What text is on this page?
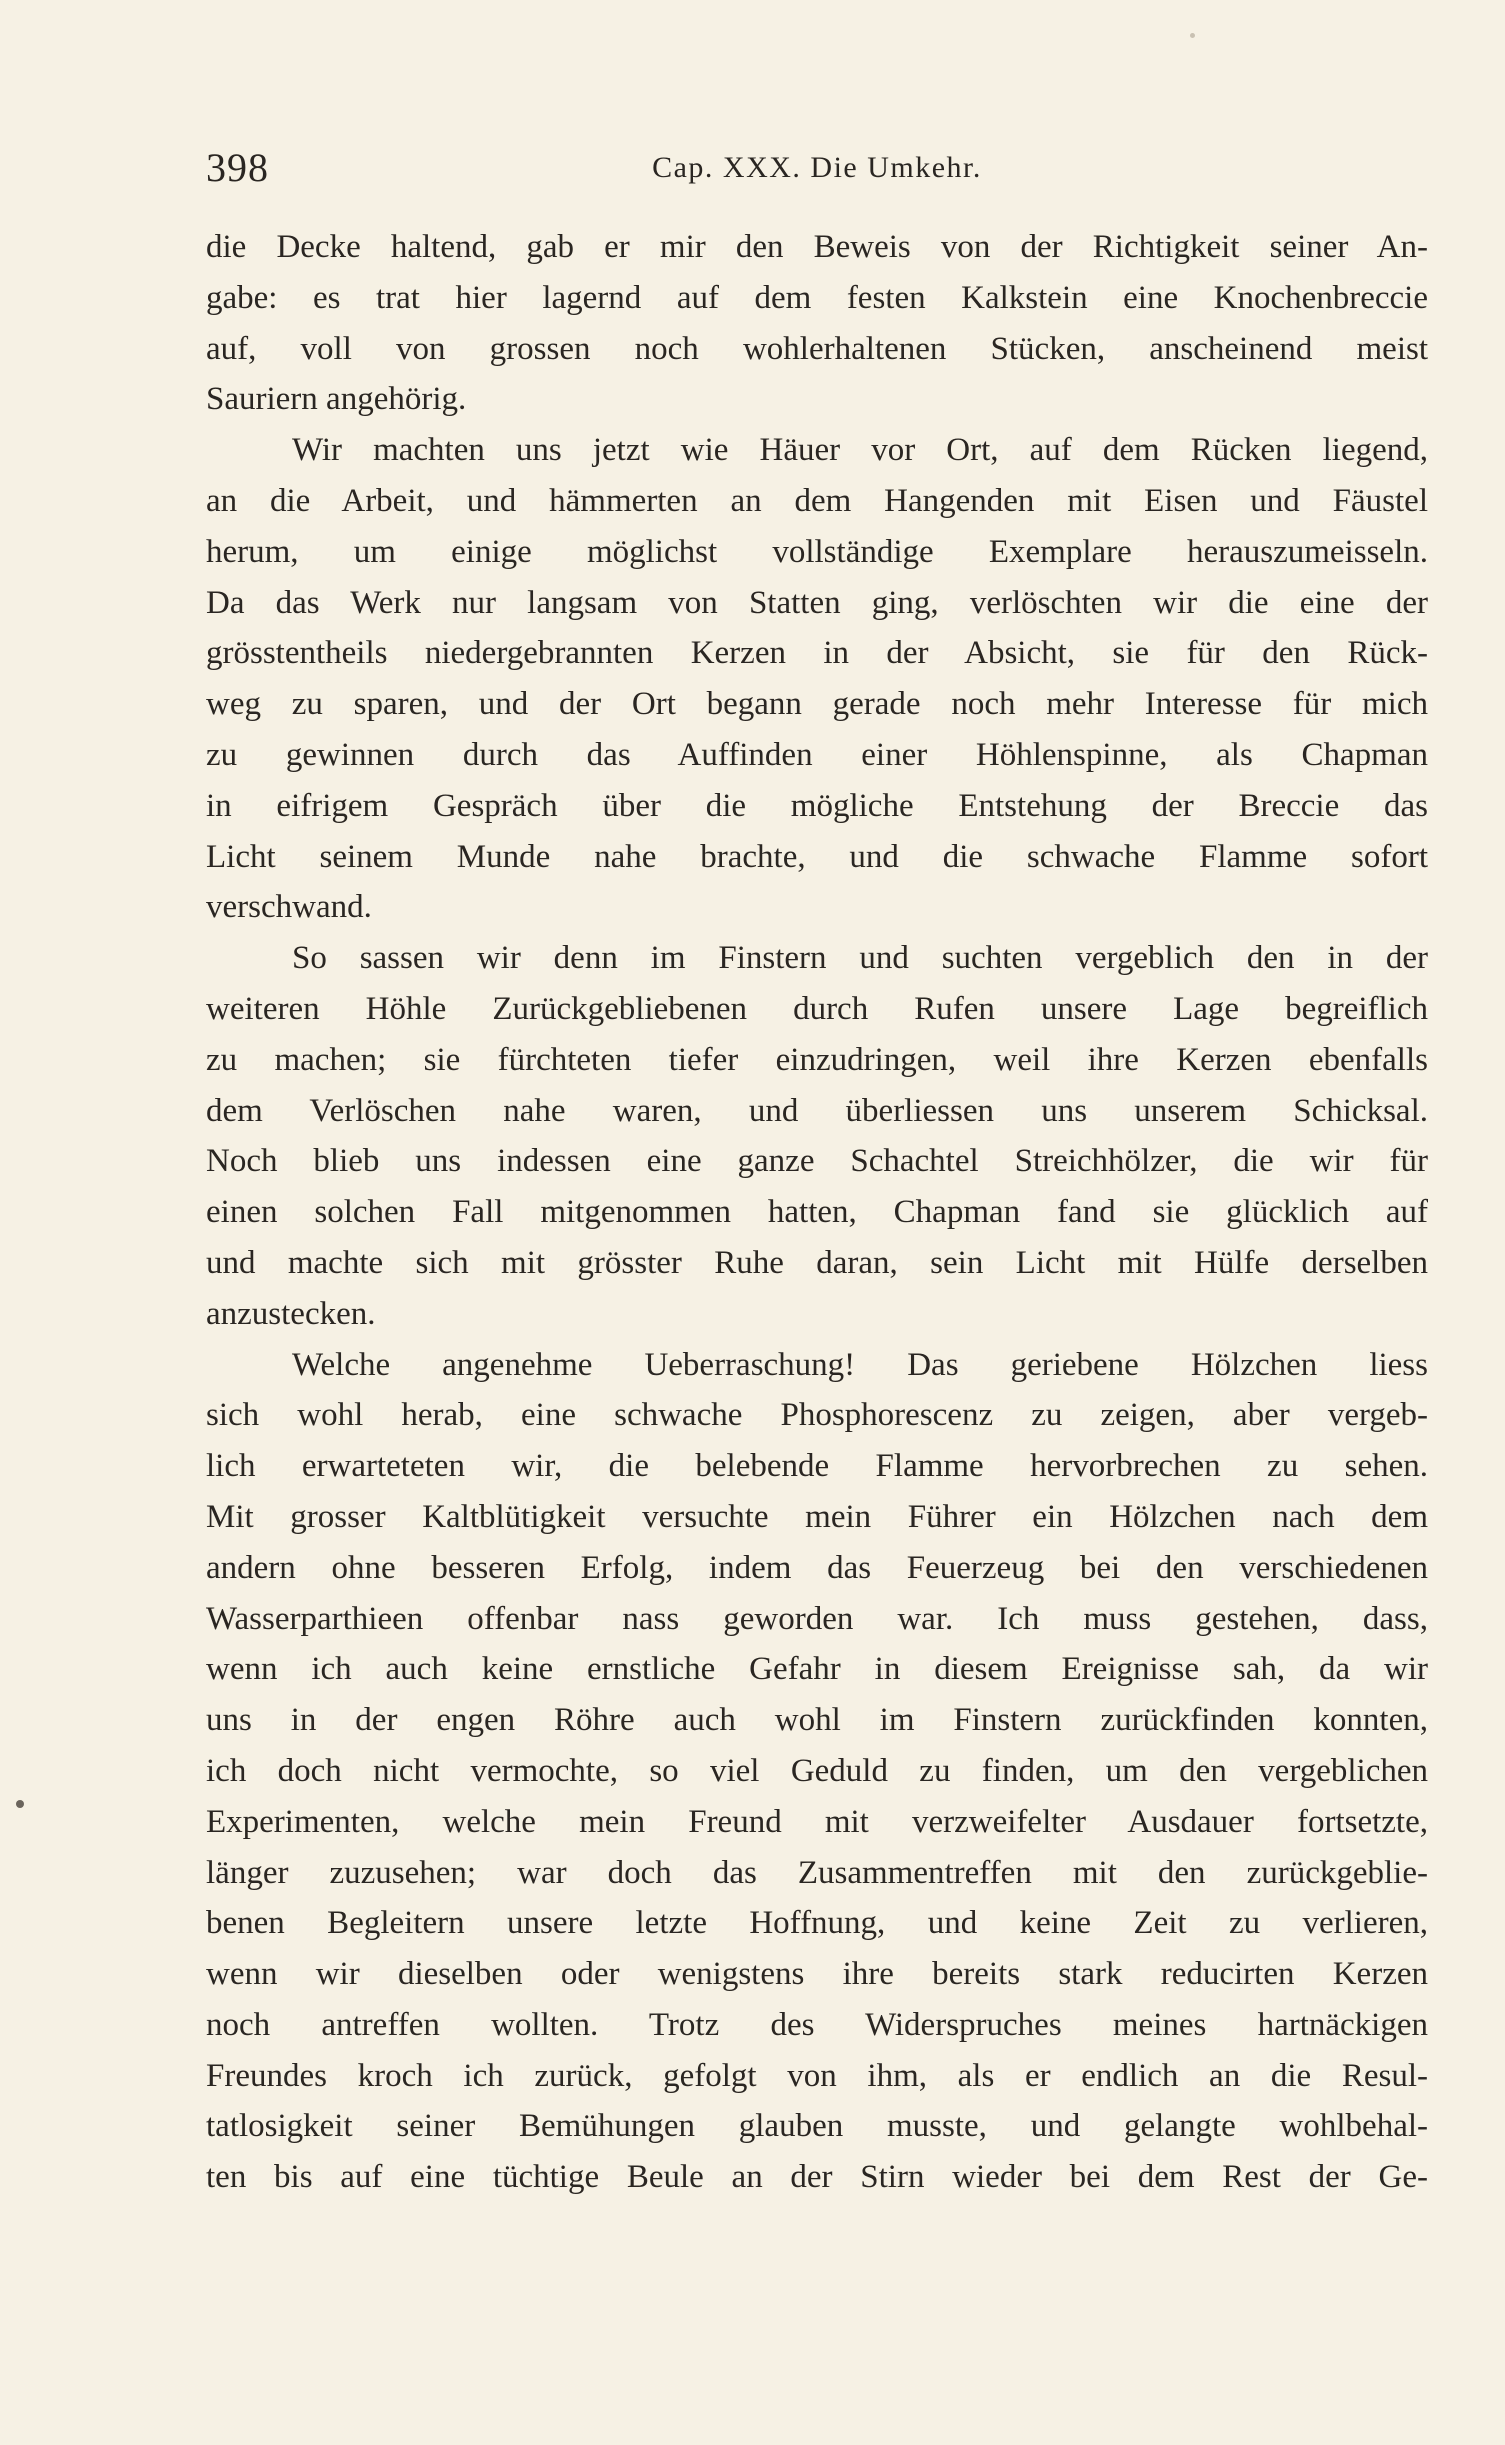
398	Cap. XXX. Die Umkehr.
die Decke haltend, gab er mir den Beweis von der Richtigkeit seiner An-
gabe: es trat hier lagernd auf dem festen Kalkstein eine Knochenbreccie
auf, voll von grossen noch wohlerhaltenen Stücken, anscheinend meist
Sauriern angehörig.
Wir machten uns jetzt wie Häuer vor Ort, auf dem Rücken liegend,
an die Arbeit, und hämmerten an dem Hangenden mit Eisen und Fäustel
herum, um einige möglichst vollständige Exemplare herauszumeisseln.
Da das Werk nur langsam von Statten ging, verlöschten wir die eine der
grösstentheils niedergebrannten Kerzen in der Absicht, sie für den Rück-
weg zu sparen, und der Ort begann gerade noch mehr Interesse für mich
zu gewinnen durch das Auffinden einer Höhlenspinne, als Chapman
in eifrigem Gespräch über die mögliche Entstehung der Breccie das
Licht seinem Munde nahe brachte, und die schwache Flamme sofort
verschwand.
So sassen wir denn im Finstern und suchten vergeblich den in der
weiteren Höhle Zurückgebliebenen durch Rufen unsere Lage begreiflich
zu machen; sie fürchteten tiefer einzudringen, weil ihre Kerzen ebenfalls
dem Verlöschen nahe waren, und überliessen uns unserem Schicksal.
Noch blieb uns indessen eine ganze Schachtel Streichhölzer, die wir für
einen solchen Fall mitgenommen hatten, Chapman fand sie glücklich auf
und machte sich mit grösster Ruhe daran, sein Licht mit Hülfe derselben
anzustecken.
Welche angenehme Ueberraschung! Das geriebene Hölzchen liess
sich wohl herab, eine schwache Phosphorescenz zu zeigen, aber vergeb-
lich erwarteteten wir, die belebende Flamme hervorbrechen zu sehen.
Mit grosser Kaltblütigkeit versuchte mein Führer ein Hölzchen nach dem
andern ohne besseren Erfolg, indem das Feuerzeug bei den verschiedenen
Wasserparthieen offenbar nass geworden war. Ich muss gestehen, dass,
wenn ich auch keine ernstliche Gefahr in diesem Ereignisse sah, da wir
uns in der engen Röhre auch wohl im Finstern zurückfinden konnten,
ich doch nicht vermochte, so viel Geduld zu finden, um den vergeblichen
Experimenten, welche mein Freund mit verzweifelter Ausdauer fortsetzte,
länger zuzusehen; war doch das Zusammentreffen mit den zurückgeblie-
benen Begleitern unsere letzte Hoffnung, und keine Zeit zu verlieren,
wenn wir dieselben oder wenigstens ihre bereits stark reducirten Kerzen
noch antreffen wollten. Trotz des Widerspruches meines hartnäckigen
Freundes kroch ich zurück, gefolgt von ihm, als er endlich an die Resul-
tatlosigkeit seiner Bemühungen glauben musste, und gelangte wohlbehal-
ten bis auf eine tüchtige Beule an der Stirn wieder bei dem Rest der Ge-
